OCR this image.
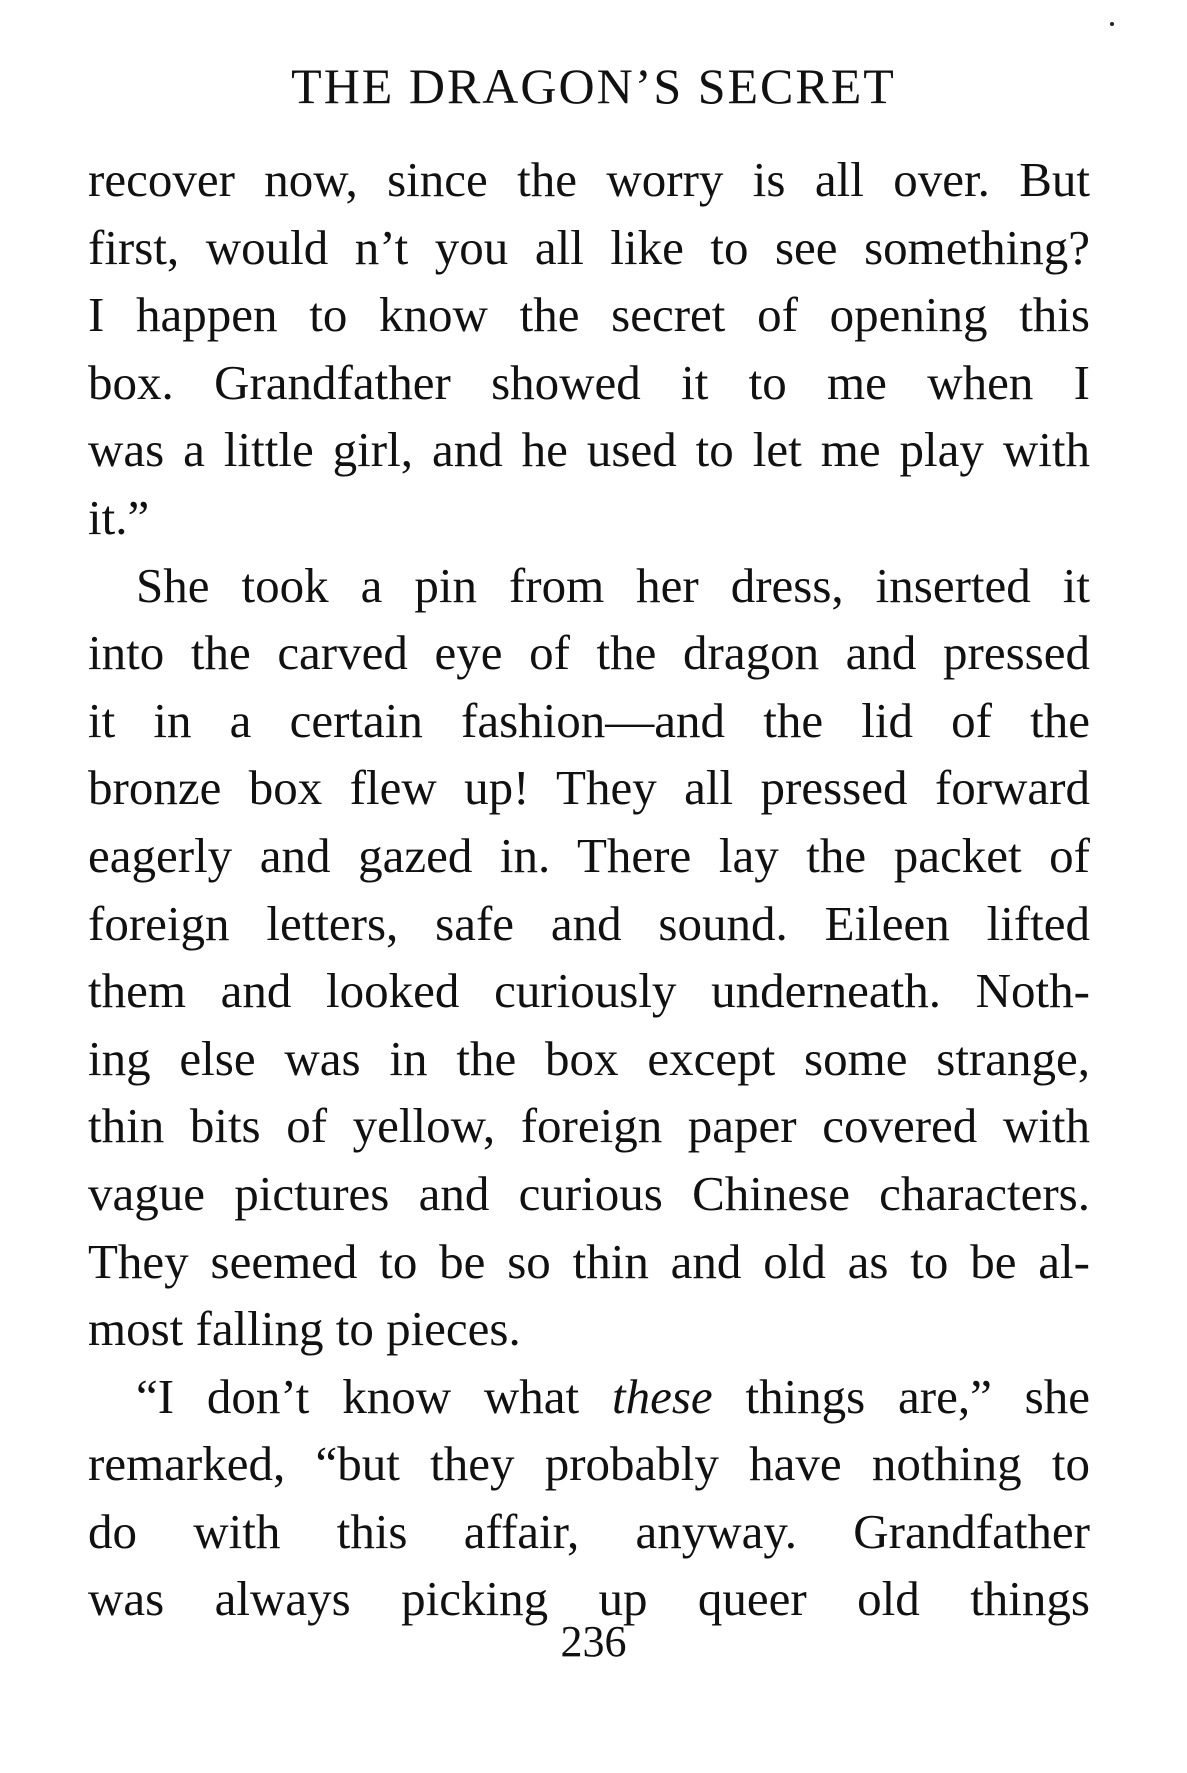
THE DRAGON’S SECRET
recover now, since the worry is all over. But
first, would n’t you all like to see something?
I happen to know the secret of opening this
box. Grandfather showed it to me when I
was a little girl, and he used to let me play with
it.”
She took a pin from her dress, inserted it
into the carved eye of the dragon and pressed
it in a certain fashion—and the lid of the
bronze box flew up! They all pressed forward
eagerly and gazed in. There lay the packet of
foreign letters, safe and sound. Eileen lifted
them and looked curiously underneath. Noth-
ing else was in the box except some strange,
thin bits of yellow, foreign paper covered with
vague pictures and curious Chinese characters.
They seemed to be so thin and old as to be al-
most falling to pieces.
“I don’t know what these things are,” she
remarked, “but they probably have nothing to
do with this affair, anyway. Grandfather
was always picking up queer old things
236
